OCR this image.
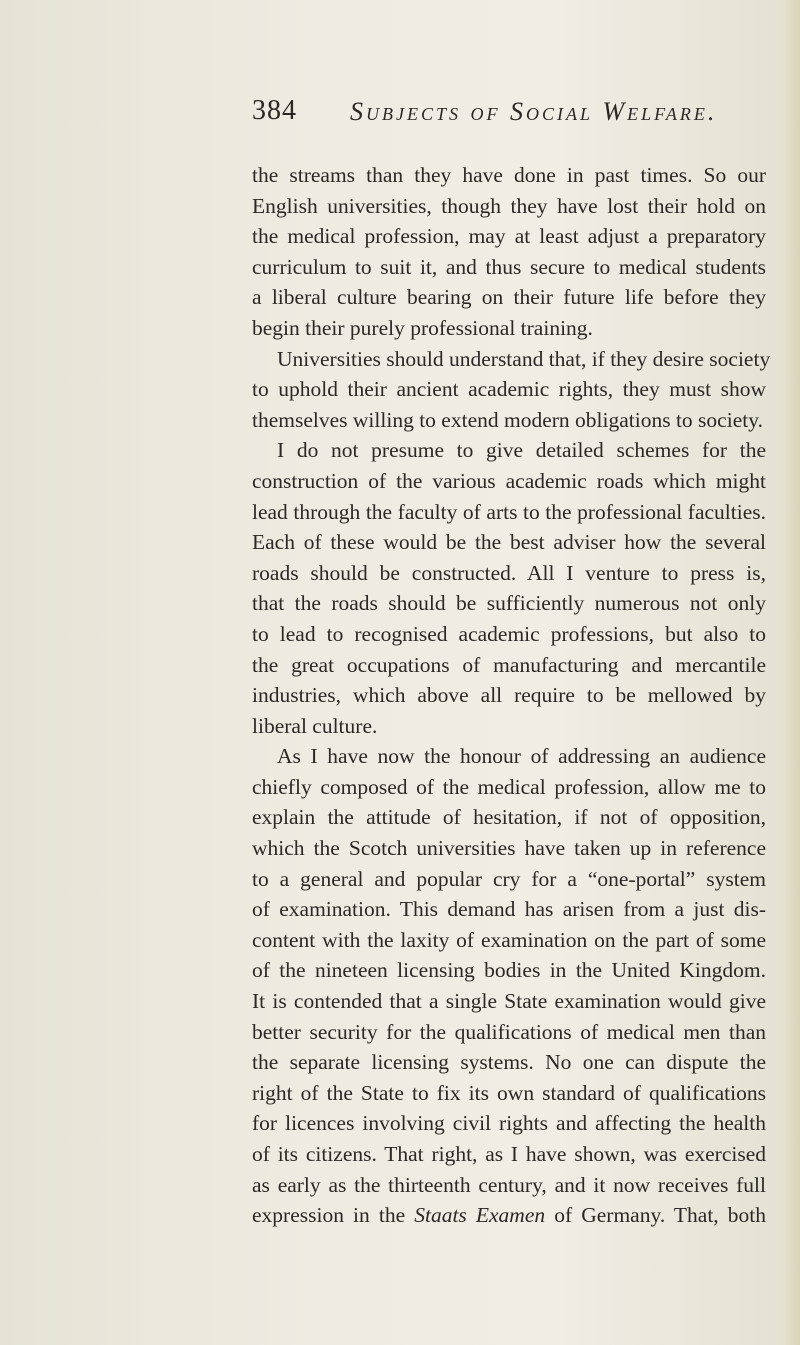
384 Subjects of Social Welfare.
the streams than they have done in past times. So our
English universities, though they have lost their hold on
the medical profession, may at least adjust a preparatory
curriculum to suit it, and thus secure to medical students
a liberal culture bearing on their future life before they
begin their purely professional training.
Universities should understand that, if they desire society
to uphold their ancient academic rights, they must show
themselves willing to extend modern obligations to society.
I do not presume to give detailed schemes for the
construction of the various academic roads which might
lead through the faculty of arts to the professional faculties.
Each of these would be the best adviser how the several
roads should be constructed. All I venture to press is,
that the roads should be sufficiently numerous not only
to lead to recognised academic professions, but also to
the great occupations of manufacturing and mercantile
industries, which above all require to be mellowed by
liberal culture.
As I have now the honour of addressing an audience
chiefly composed of the medical profession, allow me to
explain the attitude of hesitation, if not of opposition,
which the Scotch universities have taken up in reference
to a general and popular cry for a “one-portal” system
of examination. This demand has arisen from a just dis-
content with the laxity of examination on the part of some
of the nineteen licensing bodies in the United Kingdom.
It is contended that a single State examination would give
better security for the qualifications of medical men than
the separate licensing systems. No one can dispute the
right of the State to fix its own standard of qualifications
for licences involving civil rights and affecting the health
of its citizens. That right, as I have shown, was exercised
as early as the thirteenth century, and it now receives full
expression in the Staats Examen of Germany. That, both
